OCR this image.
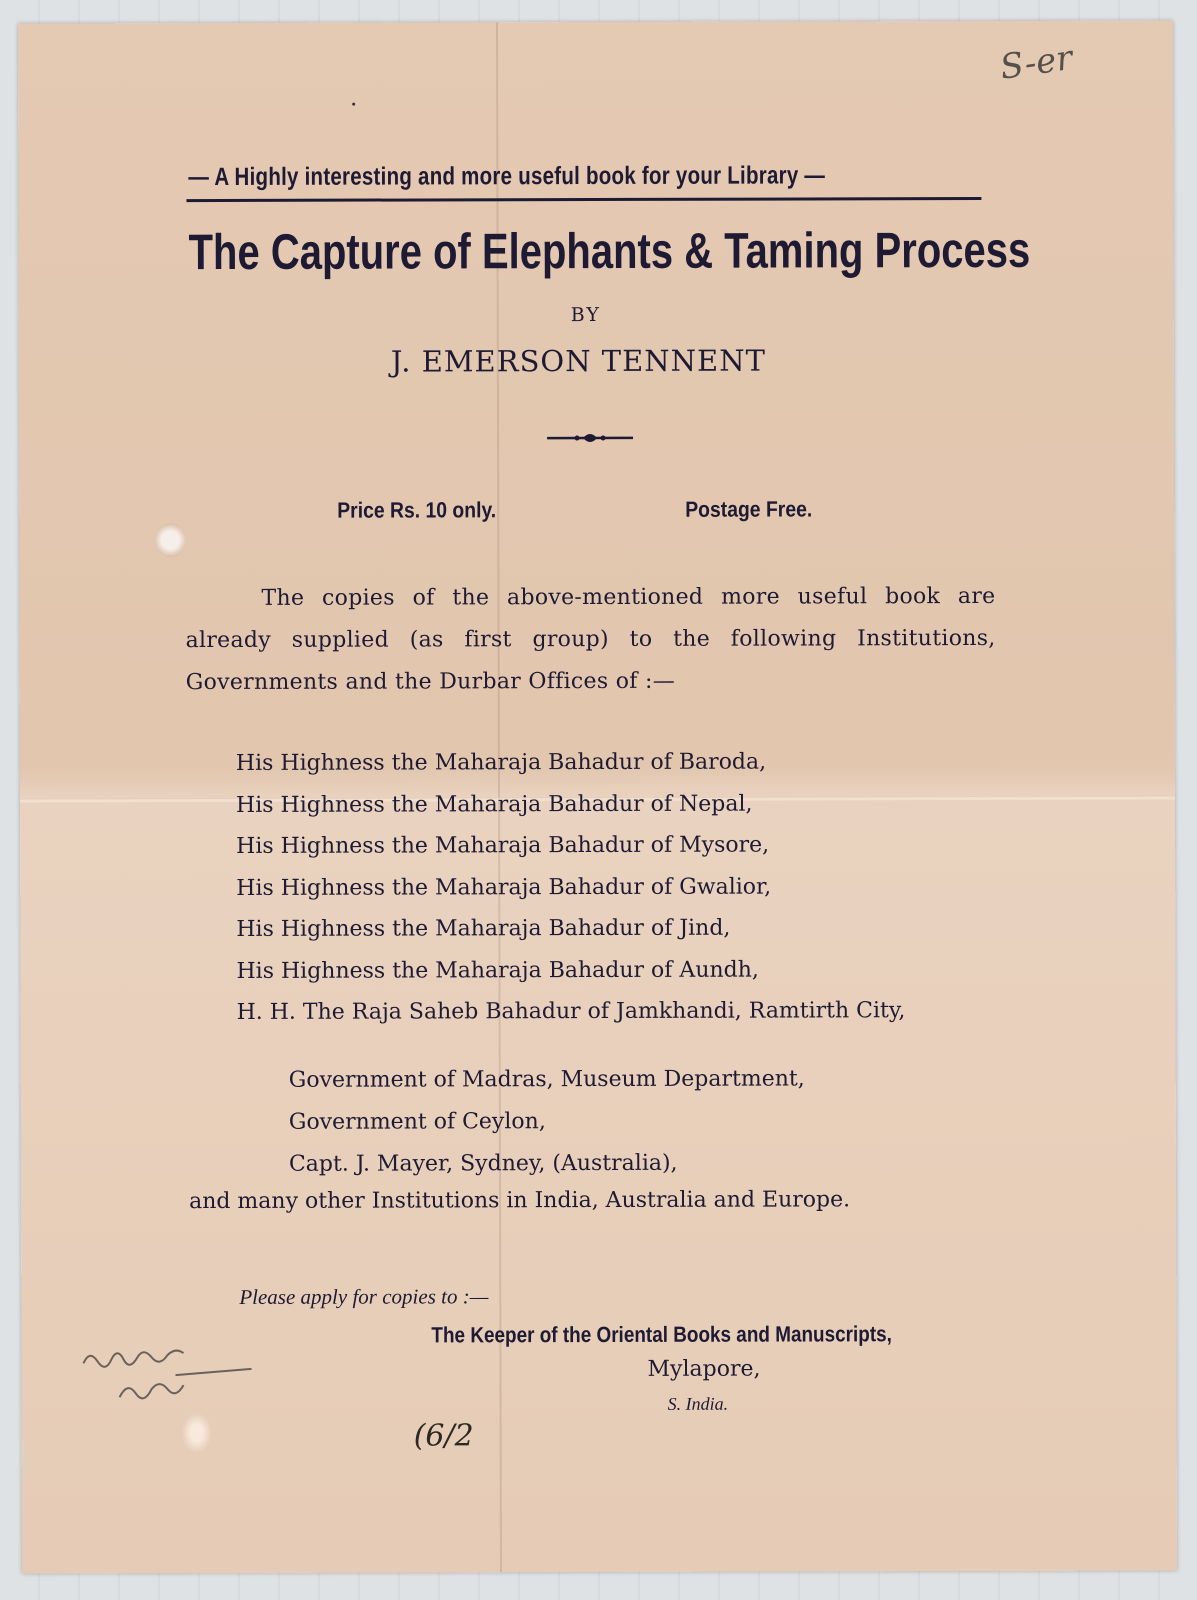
S-er
— A Highly interesting and more useful book for your Library —
The Capture of Elephants & Taming Process
BY
J. EMERSON TENNENT
Price Rs. 10 only.	Postage Free.
The copies of the above-mentioned more useful book are already supplied (as first group) to the following Institutions, Governments and the Durbar Offices of :—
His Highness the Maharaja Bahadur of Baroda,
His Highness the Maharaja Bahadur of Nepal,
His Highness the Maharaja Bahadur of Mysore,
His Highness the Maharaja Bahadur of Gwalior,
His Highness the Maharaja Bahadur of Jind,
His Highness the Maharaja Bahadur of Aundh,
H. H. The Raja Saheb Bahadur of Jamkhandi, Ramtirth City,
Government of Madras, Museum Department,
Government of Ceylon,
Capt. J. Mayer, Sydney, (Australia),
and many other Institutions in India, Australia and Europe.
Please apply for copies to :—
The Keeper of the Oriental Books and Manuscripts,
Mylapore,
S. India.
(6/2
